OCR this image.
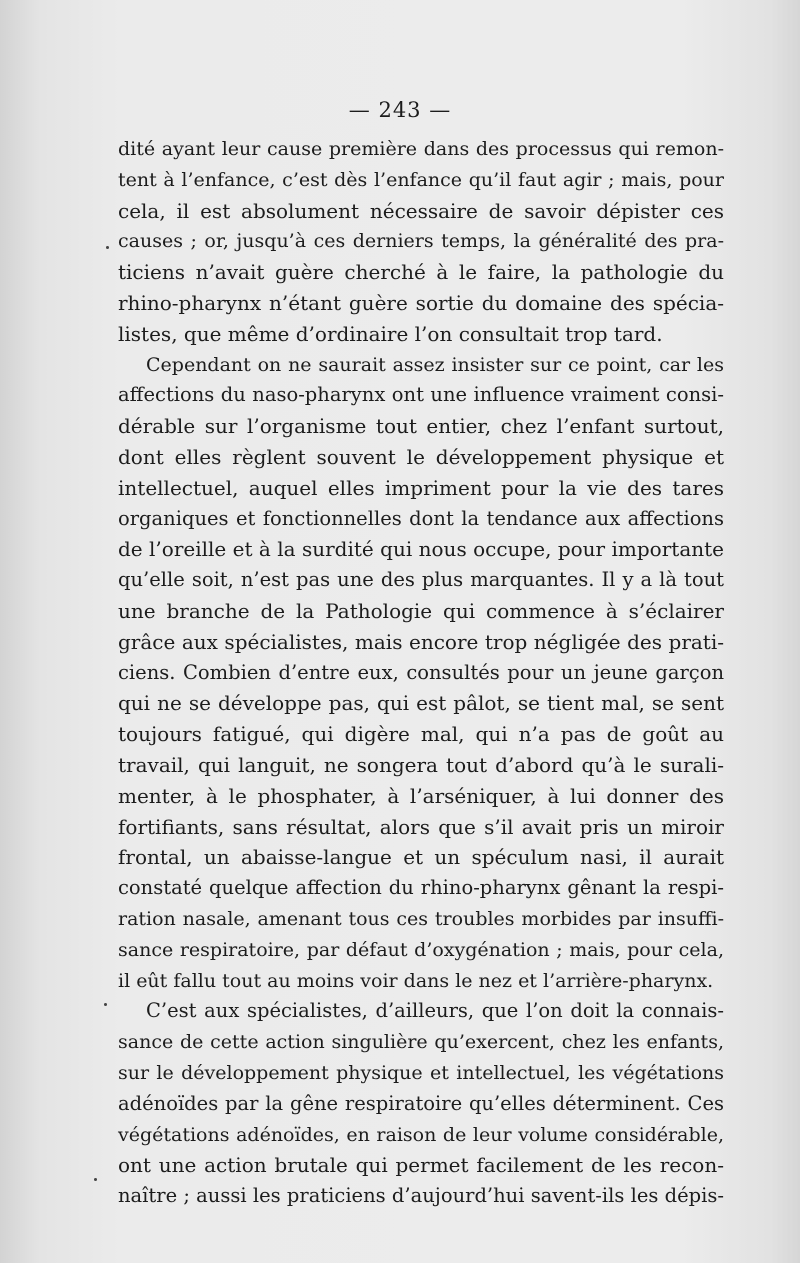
— 243 —
dité ayant leur cause première dans des processus qui remon-
tent à l’enfance, c’est dès l’enfance qu’il faut agir ; mais, pour
cela, il est absolument nécessaire de savoir dépister ces
causes ; or, jusqu’à ces derniers temps, la généralité des pra-
ticiens n’avait guère cherché à le faire, la pathologie du
rhino-pharynx n’étant guère sortie du domaine des spécia-
listes, que même d’ordinaire l’on consultait trop tard.
Cependant on ne saurait assez insister sur ce point, car les
affections du naso-pharynx ont une influence vraiment consi-
dérable sur l’organisme tout entier, chez l’enfant surtout,
dont elles règlent souvent le développement physique et
intellectuel, auquel elles impriment pour la vie des tares
organiques et fonctionnelles dont la tendance aux affections
de l’oreille et à la surdité qui nous occupe, pour importante
qu’elle soit, n’est pas une des plus marquantes. Il y a là tout
une branche de la Pathologie qui commence à s’éclairer
grâce aux spécialistes, mais encore trop négligée des prati-
ciens. Combien d’entre eux, consultés pour un jeune garçon
qui ne se développe pas, qui est pâlot, se tient mal, se sent
toujours fatigué, qui digère mal, qui n’a pas de goût au
travail, qui languit, ne songera tout d’abord qu’à le surali-
menter, à le phosphater, à l’arséniquer, à lui donner des
fortifiants, sans résultat, alors que s’il avait pris un miroir
frontal, un abaisse-langue et un spéculum nasi, il aurait
constaté quelque affection du rhino-pharynx gênant la respi-
ration nasale, amenant tous ces troubles morbides par insuffi-
sance respiratoire, par défaut d’oxygénation ; mais, pour cela,
il eût fallu tout au moins voir dans le nez et l’arrière-pharynx.
C’est aux spécialistes, d’ailleurs, que l’on doit la connais-
sance de cette action singulière qu’exercent, chez les enfants,
sur le développement physique et intellectuel, les végétations
adénoïdes par la gêne respiratoire qu’elles déterminent. Ces
végétations adénoïdes, en raison de leur volume considérable,
ont une action brutale qui permet facilement de les recon-
naître ; aussi les praticiens d’aujourd’hui savent-ils les dépis-
